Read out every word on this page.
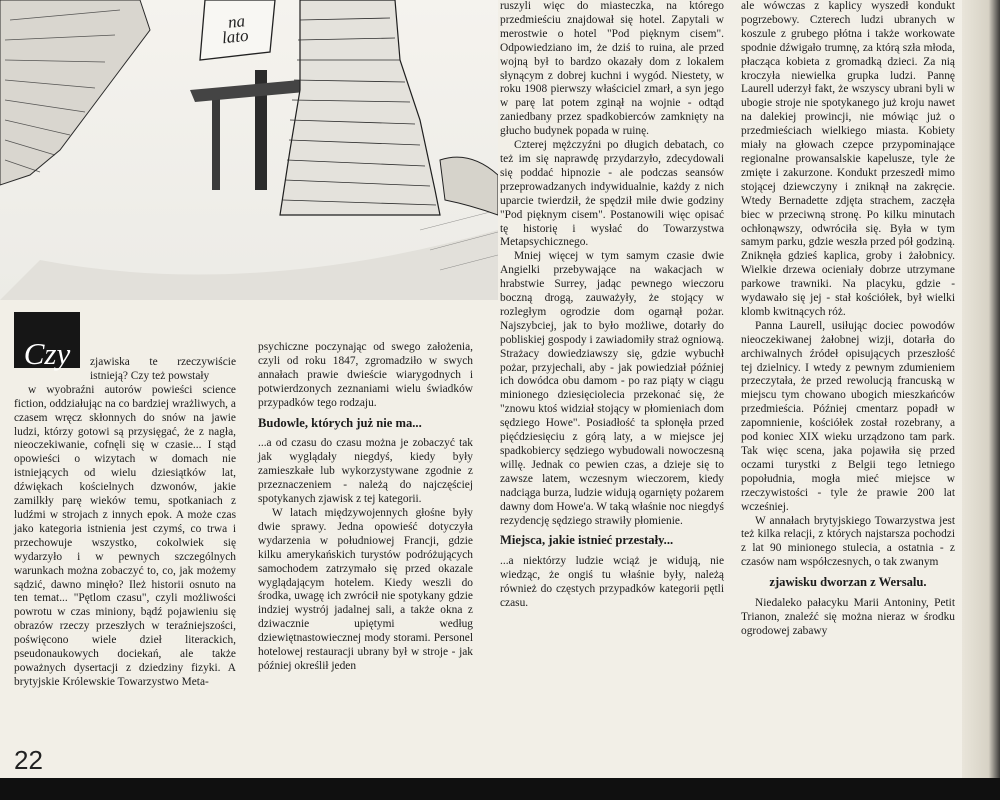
na
lato
Czy	zjawiska te rzeczywiście istnieją? Czy też powstały

w wyobraźni autorów powieści science fiction, oddziałując na co bardziej wrażliwych, a czasem wręcz skłonnych do snów na jawie ludzi, którzy gotowi są przysięgać, że z nagła, nieoczekiwanie, cofnęli się w czasie... I stąd opowieści o wizytach w domach nie istniejących od wielu dziesiątków lat, dźwiękach kościelnych dzwonów, jakie zamilkły parę wieków temu, spotkaniach z ludźmi w strojach z innych epok. A może czas jako kategoria istnienia jest czymś, co trwa i przechowuje wszystko, cokolwiek się wydarzyło i w pewnych szczególnych warunkach można zobaczyć to, co, jak możemy sądzić, dawno minęło? Ileż historii osnuto na ten temat... "Pętlom czasu", czyli możliwości powrotu w czas miniony, bądź pojawieniu się obrazów rzeczy przeszłych w teraźniejszości, poświęcono wiele dzieł literackich, pseudonaukowych dociekań, ale także poważnych dysertacji z dziedziny fizyki. A brytyjskie Królewskie Towarzystwo Meta-

psychiczne poczynając od swego założenia, czyli od roku 1847, zgromadziło w swych annałach prawie dwieście wiarygodnych i potwierdzonych zeznaniami wielu świadków przypadków tego rodzaju.

Budowle, których już nie ma...

...a od czasu do czasu można je zobaczyć tak jak wyglądały niegdyś, kiedy były zamieszkałe lub wykorzystywane zgodnie z przeznaczeniem - należą do najczęściej spotykanych zjawisk z tej kategorii.

W latach międzywojennych głośne były dwie sprawy. Jedna opowieść dotyczyła wydarzenia w południowej Francji, gdzie kilku amerykańskich turystów podróżujących samochodem zatrzymało się przed okazale wyglądającym hotelem. Kiedy weszli do środka, uwagę ich zwrócił nie spotykany gdzie indziej wystrój jadalnej sali, a także okna z dziwacznie upiętymi według dziewiętnastowiecznej mody storami. Personel hotelowej restauracji ubrany był w stroje - jak później określił jeden

ruszyli więc do miasteczka, na którego przedmieściu znajdował się hotel. Zapytali w merostwie o hotel "Pod pięknym cisem". Odpowiedziano im, że dziś to ruina, ale przed wojną był to bardzo okazały dom z lokalem słynącym z dobrej kuchni i wygód. Niestety, w roku 1908 pierwszy właściciel zmarł, a syn jego w parę lat potem zginął na wojnie - odtąd zaniedbany przez spadkobierców zamknięty na głucho budynek popada w ruinę.

Czterej mężczyźni po długich debatach, co też im się naprawdę przydarzyło, zdecydowali się poddać hipnozie - ale podczas seansów przeprowadzanych indywidualnie, każdy z nich uparcie twierdził, że spędził miłe dwie godziny "Pod pięknym cisem". Postanowili więc opisać tę historię i wysłać do Towarzystwa Metapsychicznego.

Mniej więcej w tym samym czasie dwie Angielki przebywające na wakacjach w hrabstwie Surrey, jadąc pewnego wieczoru boczną drogą, zauważyły, że stojący w rozległym ogrodzie dom ogarnął pożar. Najszybciej, jak to było możliwe, dotarły do pobliskiej gospody i zawiadomiły straż ogniową. Strażacy dowiedziawszy się, gdzie wybuchł pożar, przyjechali, aby - jak powiedział później ich dowódca obu damom - po raz piąty w ciągu minionego dziesięciolecia przekonać się, że "znowu ktoś widział stojący w płomieniach dom sędziego Howe". Posiadłość ta spłonęła przed pięćdziesięciu z górą laty, a w miejsce jej spadkobiercy sędziego wybudowali nowoczesną willę. Jednak co pewien czas, a dzieje się to zawsze latem, wczesnym wieczorem, kiedy nadciąga burza, ludzie widują ogarnięty pożarem dawny dom Howe'a. W taką właśnie noc niegdyś rezydencję sędziego strawiły płomienie.

Miejsca, jakie istnieć przestały...

...a niektórzy ludzie wciąż je widują, nie wiedząc, że ongiś tu właśnie były, należą również do częstych przypadków kategorii pętli czasu.

ale wówczas z kaplicy wyszedł kondukt pogrzebowy. Czterech ludzi ubranych w koszule z grubego płótna i także workowate spodnie dźwigało trumnę, za którą szła młoda, płacząca kobieta z gromadką dzieci. Za nią kroczyła niewielka grupka ludzi. Pannę Laurell uderzył fakt, że wszyscy ubrani byli w ubogie stroje nie spotykanego już kroju nawet na dalekiej prowincji, nie mówiąc już o przedmieściach wielkiego miasta. Kobiety miały na głowach czepce przypominające regionalne prowansalskie kapelusze, tyle że zmięte i zakurzone. Kondukt przeszedł mimo stojącej dziewczyny i zniknął na zakręcie. Wtedy Bernadette zdjęta strachem, zaczęła biec w przeciwną stronę. Po kilku minutach ochłonąwszy, odwróciła się. Była w tym samym parku, gdzie weszła przed pół godziną. Zniknęła gdzieś kaplica, groby i żałobnicy. Wielkie drzewa ocieniały dobrze utrzymane parkowe trawniki. Na placyku, gdzie - wydawało się jej - stał kościółek, był wielki klomb kwitnących róż.

Panna Laurell, usiłując dociec powodów nieoczekiwanej żałobnej wizji, dotarła do archiwalnych źródeł opisujących przeszłość tej dzielnicy. I wtedy z pewnym zdumieniem przeczytała, że przed rewolucją francuską w miejscu tym chowano ubogich mieszkańców przedmieścia. Później cmentarz popadł w zapomnienie, kościółek został rozebrany, a pod koniec XIX wieku urządzono tam park. Tak więc scena, jaka pojawiła się przed oczami turystki z Belgii tego letniego popołudnia, mogła mieć miejsce w rzeczywistości - tyle że prawie 200 lat wcześniej.

W annałach brytyjskiego Towarzystwa jest też kilka relacji, z których najstarsza pochodzi z lat 90 minionego stulecia, a ostatnia - z czasów nam współczesnych, o tak zwanym

zjawisku dworzan z Wersalu.

Niedaleko pałacyku Marii Antoniny, Petit Trianon, znaleźć się można nieraz w środku ogrodowej zabawy

22
